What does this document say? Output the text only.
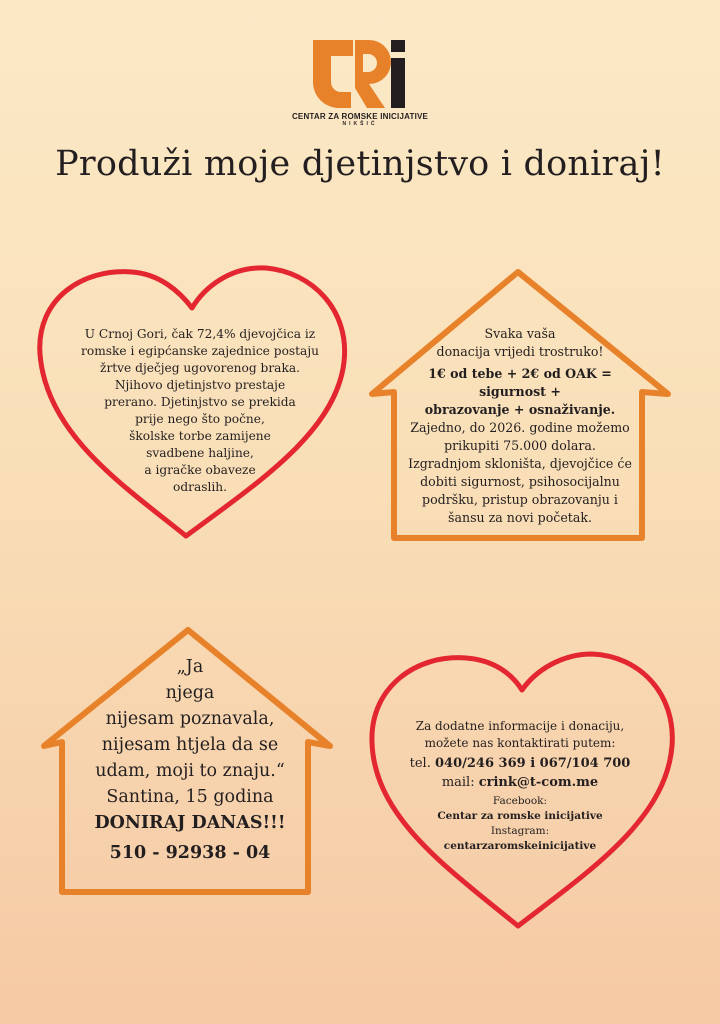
CENTAR ZA ROMSKE INICIJATIVE
NIKŠIĆ
Produži moje djetinjstvo i doniraj!
U Crnoj Gori, čak 72,4% djevojčica iz
romske i egipćanske zajednice postaju
žrtve dječjeg ugovorenog braka.
Njihovo djetinjstvo prestaje
prerano. Djetinjstvo se prekida
prije nego što počne,
školske torbe zamijene
svadbene haljine,
a igračke obaveze
odraslih.
Svaka vaša
donacija vrijedi trostruko!
1€ od tebe + 2€ od OAK = sigurnost +
obrazovanje + osnaživanje.
Zajedno, do 2026. godine možemo
prikupiti 75.000 dolara.
Izgradnjom skloništa, djevojčice će
dobiti sigurnost, psihosocijalnu
podršku, pristup obrazovanju i
šansu za novi početak.
„Ja
njega
nijesam poznavala,
nijesam htjela da se
udam, moji to znaju.“
Santina, 15 godina
DONIRAJ DANAS!!!
510 - 92938 - 04
Za dodatne informacije i donaciju,
možete nas kontaktirati putem:
tel. 040/246 369 i 067/104 700
mail: crink@t-com.me
Facebook:
Centar za romske inicijative
Instagram:
centarzaromskeinicijative
